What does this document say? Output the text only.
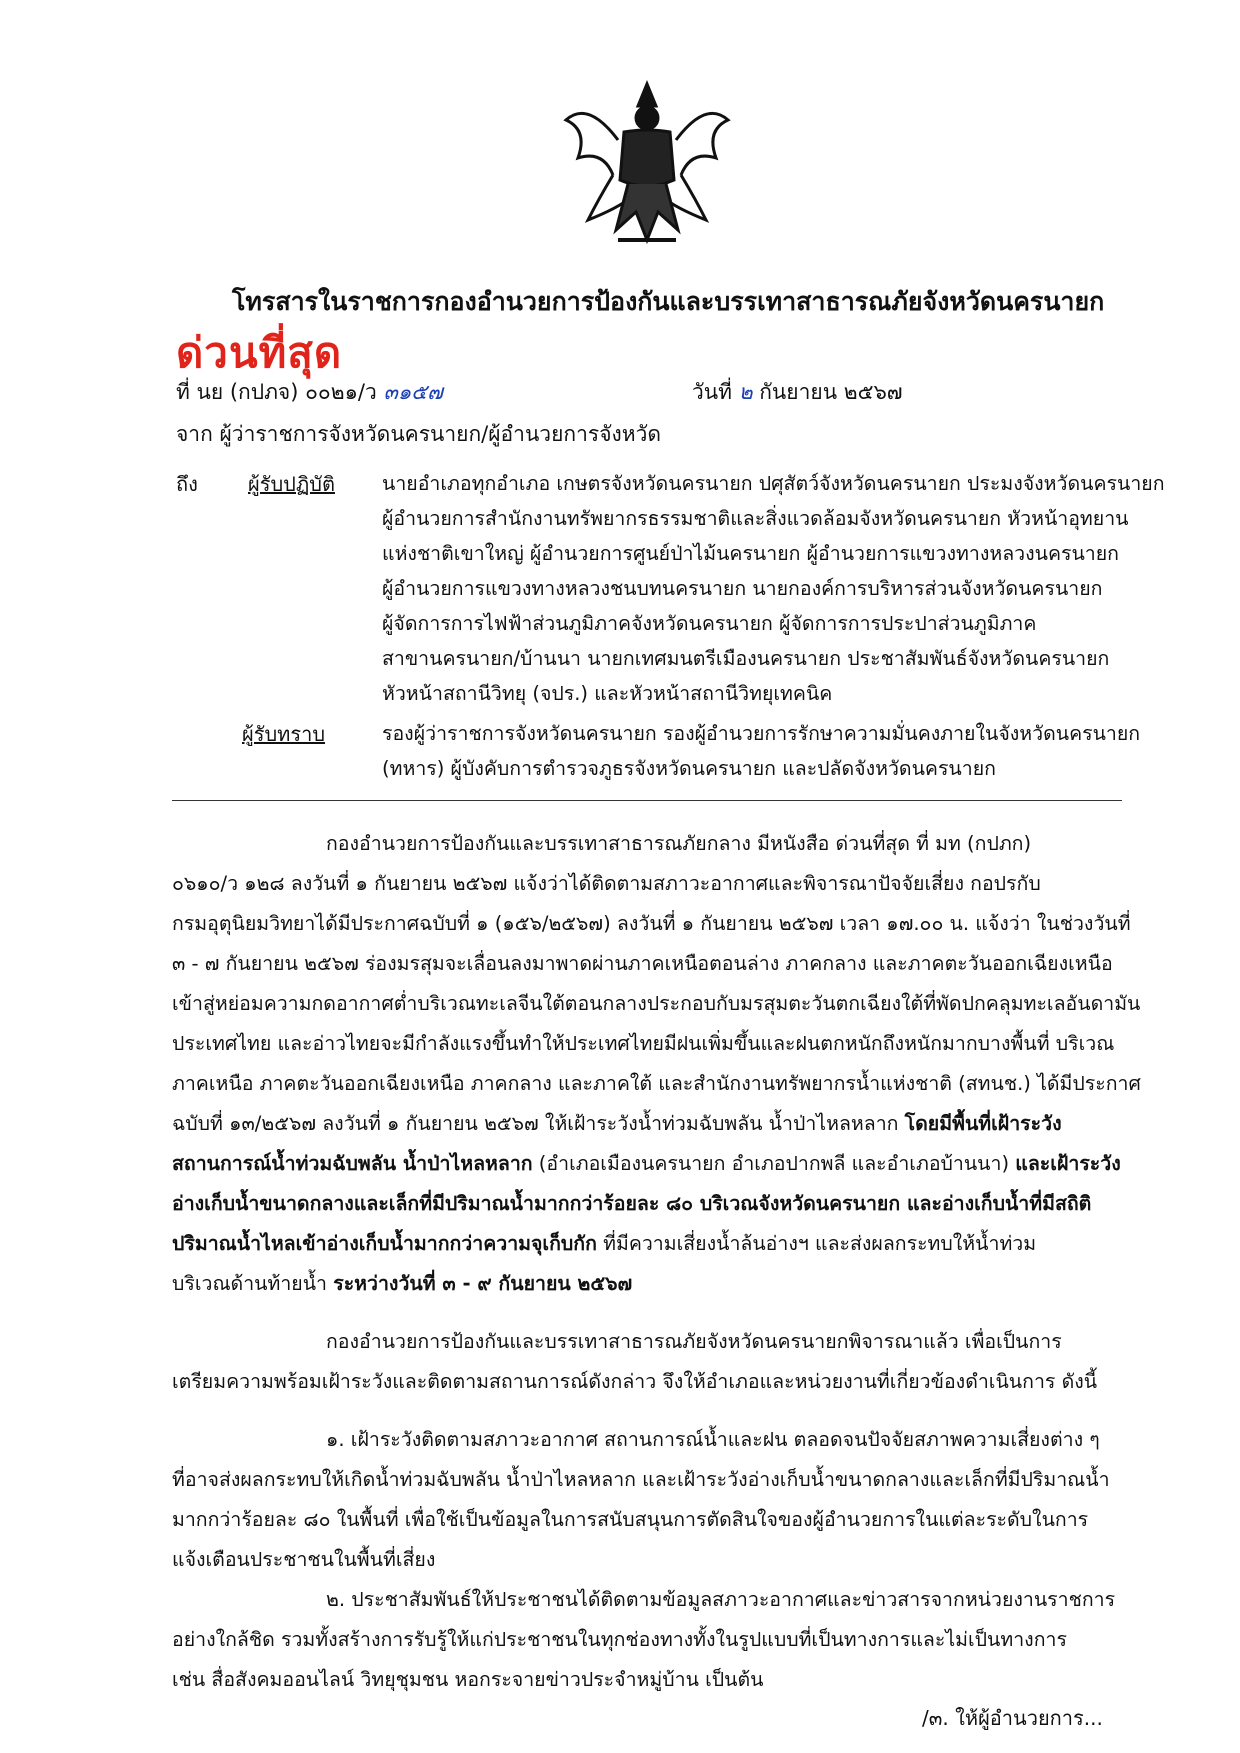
โทรสารในราชการกองอำนวยการป้องกันและบรรเทาสาธารณภัยจังหวัดนครนายก
ด่วนที่สุด
ที่ นย (กปภจ) ๐๐๒๑/ว ๓๑๕๗	วันที่ ๒ กันยายน ๒๕๖๗
จาก ผู้ว่าราชการจังหวัดนครนายก/ผู้อำนวยการจังหวัด
ถึง	ผู้รับปฏิบัติ นายอำเภอทุกอำเภอ เกษตรจังหวัดนครนายก ปศุสัตว์จังหวัดนครนายก ประมงจังหวัดนครนายก
ผู้อำนวยการสำนักงานทรัพยากรธรรมชาติและสิ่งแวดล้อมจังหวัดนครนายก หัวหน้าอุทยาน
แห่งชาติเขาใหญ่ ผู้อำนวยการศูนย์ป่าไม้นครนายก ผู้อำนวยการแขวงทางหลวงนครนายก
ผู้อำนวยการแขวงทางหลวงชนบทนครนายก นายกองค์การบริหารส่วนจังหวัดนครนายก
ผู้จัดการการไฟฟ้าส่วนภูมิภาคจังหวัดนครนายก ผู้จัดการการประปาส่วนภูมิภาค
สาขานครนายก/บ้านนา นายกเทศมนตรีเมืองนครนายก ประชาสัมพันธ์จังหวัดนครนายก
หัวหน้าสถานีวิทยุ (จปร.) และหัวหน้าสถานีวิทยุเทคนิค
ผู้รับทราบ	รองผู้ว่าราชการจังหวัดนครนายก รองผู้อำนวยการรักษาความมั่นคงภายในจังหวัดนครนายก
(ทหาร) ผู้บังคับการตำรวจภูธรจังหวัดนครนายก และปลัดจังหวัดนครนายก
กองอำนวยการป้องกันและบรรเทาสาธารณภัยกลาง มีหนังสือ ด่วนที่สุด ที่ มท (กปภก)
๐๖๑๐/ว ๑๒๘ ลงวันที่ ๑ กันยายน ๒๕๖๗ แจ้งว่าได้ติดตามสภาวะอากาศและพิจารณาปัจจัยเสี่ยง กอปรกับ
กรมอุตุนิยมวิทยาได้มีประกาศฉบับที่ ๑ (๑๕๖/๒๕๖๗) ลงวันที่ ๑ กันยายน ๒๕๖๗ เวลา ๑๗.๐๐ น. แจ้งว่า ในช่วงวันที่
๓ - ๗ กันยายน ๒๕๖๗ ร่องมรสุมจะเลื่อนลงมาพาดผ่านภาคเหนือตอนล่าง ภาคกลาง และภาคตะวันออกเฉียงเหนือ
เข้าสู่หย่อมความกดอากาศต่ำบริเวณทะเลจีนใต้ตอนกลางประกอบกับมรสุมตะวันตกเฉียงใต้ที่พัดปกคลุมทะเลอันดามัน
ประเทศไทย และอ่าวไทยจะมีกำลังแรงขึ้นทำให้ประเทศไทยมีฝนเพิ่มขึ้นและฝนตกหนักถึงหนักมากบางพื้นที่ บริเวณ
ภาคเหนือ ภาคตะวันออกเฉียงเหนือ ภาคกลาง และภาคใต้ และสำนักงานทรัพยากรน้ำแห่งชาติ (สทนช.) ได้มีประกาศ
ฉบับที่ ๑๓/๒๕๖๗ ลงวันที่ ๑ กันยายน ๒๕๖๗ ให้เฝ้าระวังน้ำท่วมฉับพลัน น้ำป่าไหลหลาก โดยมีพื้นที่เฝ้าระวัง
สถานการณ์น้ำท่วมฉับพลัน น้ำป่าไหลหลาก (อำเภอเมืองนครนายก อำเภอปากพลี และอำเภอบ้านนา) และเฝ้าระวัง
อ่างเก็บน้ำขนาดกลางและเล็กที่มีปริมาณน้ำมากกว่าร้อยละ ๘๐ บริเวณจังหวัดนครนายก และอ่างเก็บน้ำที่มีสถิติ
ปริมาณน้ำไหลเข้าอ่างเก็บน้ำมากกว่าความจุเก็บกัก ที่มีความเสี่ยงน้ำล้นอ่างฯ และส่งผลกระทบให้น้ำท่วม
บริเวณด้านท้ายน้ำ ระหว่างวันที่ ๓ - ๙ กันยายน ๒๕๖๗
กองอำนวยการป้องกันและบรรเทาสาธารณภัยจังหวัดนครนายกพิจารณาแล้ว เพื่อเป็นการ
เตรียมความพร้อมเฝ้าระวังและติดตามสถานการณ์ดังกล่าว จึงให้อำเภอและหน่วยงานที่เกี่ยวข้องดำเนินการ ดังนี้
๑. เฝ้าระวังติดตามสภาวะอากาศ สถานการณ์น้ำและฝน ตลอดจนปัจจัยสภาพความเสี่ยงต่าง ๆ
ที่อาจส่งผลกระทบให้เกิดน้ำท่วมฉับพลัน น้ำป่าไหลหลาก และเฝ้าระวังอ่างเก็บน้ำขนาดกลางและเล็กที่มีปริมาณน้ำ
มากกว่าร้อยละ ๘๐ ในพื้นที่ เพื่อใช้เป็นข้อมูลในการสนับสนุนการตัดสินใจของผู้อำนวยการในแต่ละระดับในการ
แจ้งเตือนประชาชนในพื้นที่เสี่ยง
๒. ประชาสัมพันธ์ให้ประชาชนได้ติดตามข้อมูลสภาวะอากาศและข่าวสารจากหน่วยงานราชการ
อย่างใกล้ชิด รวมทั้งสร้างการรับรู้ให้แก่ประชาชนในทุกช่องทางทั้งในรูปแบบที่เป็นทางการและไม่เป็นทางการ
เช่น สื่อสังคมออนไลน์ วิทยุชุมชน หอกระจายข่าวประจำหมู่บ้าน เป็นต้น
/๓. ให้ผู้อำนวยการ...
